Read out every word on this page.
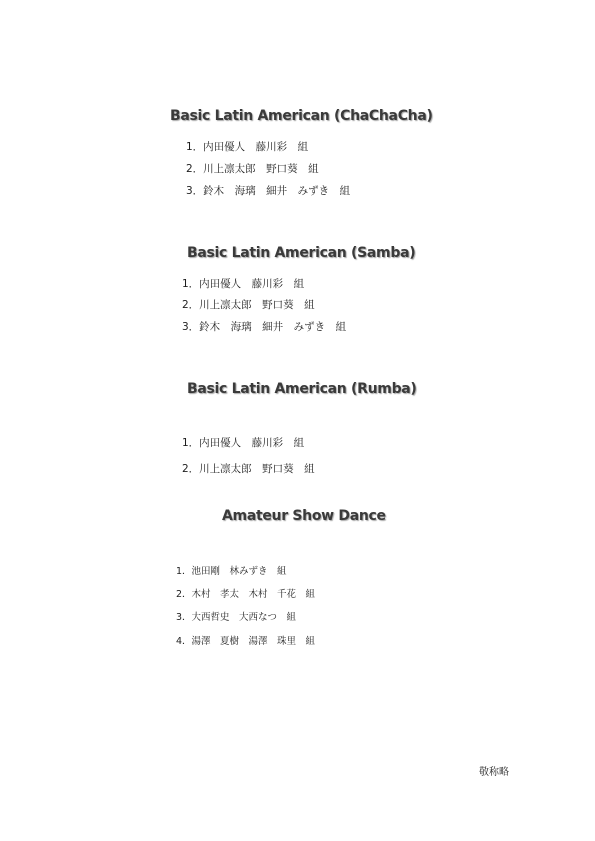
Basic Latin American (ChaChaCha)
1．内田優人　藤川彩　組
2．川上凛太郎　野口葵　組
3．鈴木　海璃　細井　みずき　組
Basic Latin American (Samba)
1．内田優人　藤川彩　組
2．川上凛太郎　野口葵　組
3．鈴木　海璃　細井　みずき　組
Basic Latin American (Rumba)
1．内田優人　藤川彩　組
2．川上凛太郎　野口葵　組
Amateur Show Dance
1．池田剛　林みずき　組
2．木村　孝太　木村　千花　組
3．大西哲史　大西なつ　組
4．湯澤　夏樹　湯澤　珠里　組
敬称略
